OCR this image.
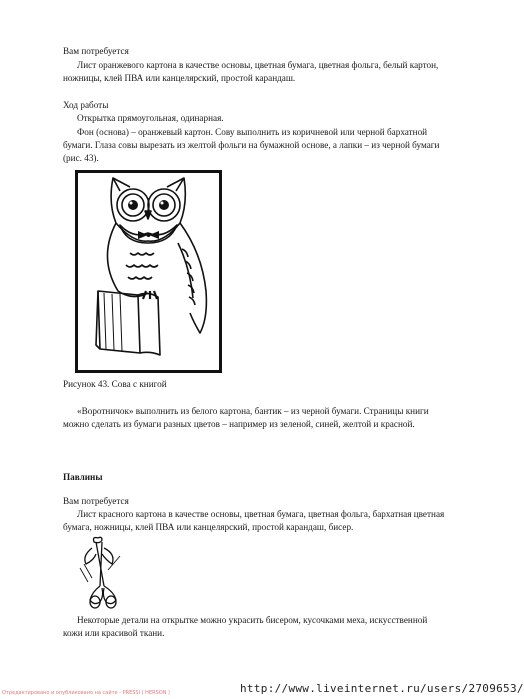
Вам потребуется

Лист оранжевого картона в качестве основы, цветная бумага, цветная фольга, белый картон, ножницы, клей ПВА или канцелярский, простой карандаш.

Ход работы

Открытка прямоугольная, одинарная.

Фон (основа) – оранжевый картон. Сову выполнить из коричневой или черной бархатной бумаги. Глаза совы вырезать из желтой фольги на бумажной основе, а лапки – из черной бумаги (рис. 43).

Рисунок 43. Сова с книгой

«Воротничок» выполнить из белого картона, бантик – из черной бумаги. Страницы книги можно сделать из бумаги разных цветов – например из зеленой, синей, желтой и красной.

Павлины

Вам потребуется

Лист красного картона в качестве основы, цветная бумага, цветная фольга, бархатная цветная бумага, ножницы, клей ПВА или канцелярский, простой карандаш, бисер.

Некоторые детали на открытке можно украсить бисером, кусочками меха, искусственной кожи или красивой ткани.

Отредактировано и опубликовано на сайте - PRESSI ( HERSON )	http://www.liveinternet.ru/users/2709653/
